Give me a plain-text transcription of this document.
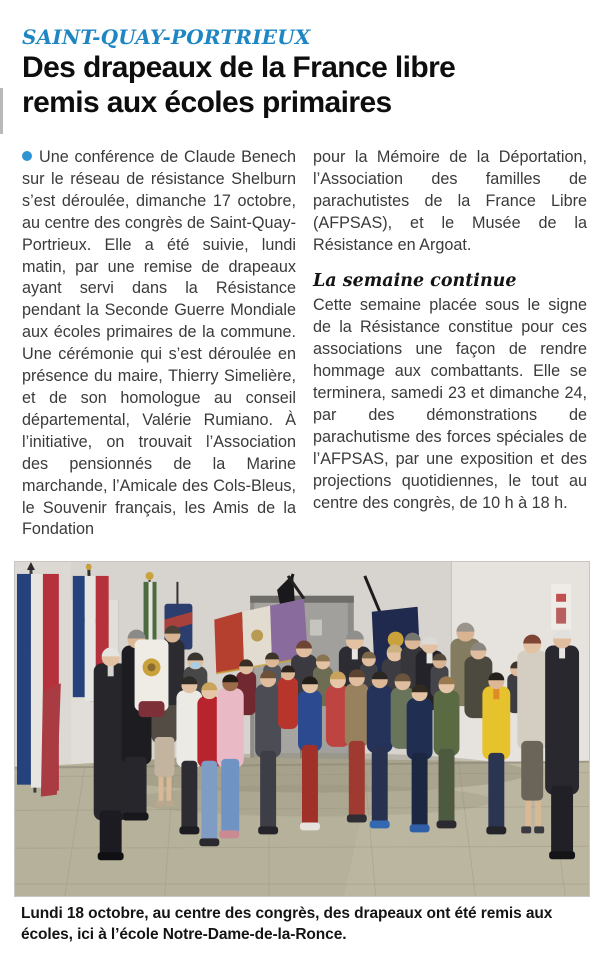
SAINT-QUAY-PORTRIEUX
Des drapeaux de la France libre
remis aux écoles primaires

Une conférence de Claude Benech sur le réseau de résistance Shelburn s’est déroulée, dimanche 17 octobre, au centre des congrès de Saint-Quay-Portrieux. Elle a été suivie, lundi matin, par une remise de drapeaux ayant servi dans la Résistance pendant la Seconde Guerre Mondiale aux écoles primaires de la commune. Une cérémonie qui s’est déroulée en présence du maire, Thierry Simelière, et de son homologue au conseil départemental, Valérie Rumiano. À l’initiative, on trouvait l’Association des pensionnés de la Marine marchande, l’Amicale des Cols-Bleus, le Souvenir français, les Amis de la Fondation

pour la Mémoire de la Déportation, l’Association des familles de parachutistes de la France Libre (AFPSAS), et le Musée de la Résistance en Argoat.

La semaine continue

Cette semaine placée sous le signe de la Résistance constitue pour ces associations une façon de rendre hommage aux combattants. Elle se terminera, samedi 23 et dimanche 24, par des démonstrations de parachutisme des forces spéciales de l’AFPSAS, par une exposition et des projections quotidiennes, le tout au centre des congrès, de 10 h à 18 h.

Lundi 18 octobre, au centre des congrès, des drapeaux ont été remis aux écoles, ici à l’école Notre-Dame-de-la-Ronce.
